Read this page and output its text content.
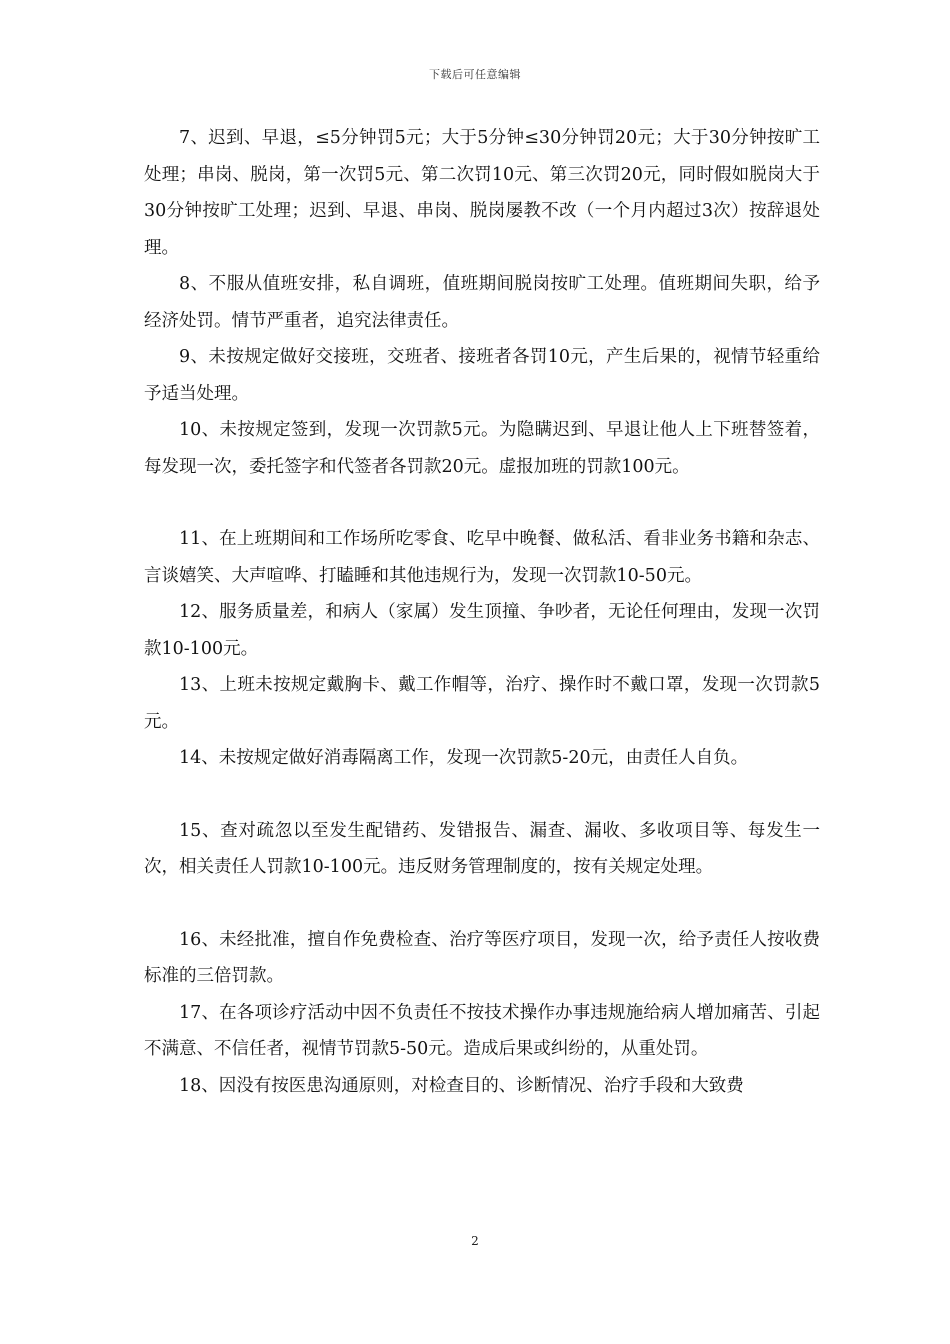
下载后可任意编辑

7、迟到、早退，≤5分钟罚5元；大于5分钟≤30分钟罚20元；大于30分钟按旷工处理；串岗、脱岗，第一次罚5元、第二次罚10元、第三次罚20元，同时假如脱岗大于30分钟按旷工处理；迟到、早退、串岗、脱岗屡教不改（一个月内超过3次）按辞退处理。

8、不服从值班安排，私自调班，值班期间脱岗按旷工处理。值班期间失职，给予经济处罚。情节严重者，追究法律责任。

9、未按规定做好交接班，交班者、接班者各罚10元，产生后果的，视情节轻重给予适当处理。

10、未按规定签到，发现一次罚款5元。为隐瞒迟到、早退让他人上下班替签着，每发现一次，委托签字和代签者各罚款20元。虚报加班的罚款100元。

11、在上班期间和工作场所吃零食、吃早中晚餐、做私活、看非业务书籍和杂志、言谈嬉笑、大声喧哗、打瞌睡和其他违规行为，发现一次罚款10-50元。

12、服务质量差，和病人（家属）发生顶撞、争吵者，无论任何理由，发现一次罚款10-100元。

13、上班未按规定戴胸卡、戴工作帽等，治疗、操作时不戴口罩，发现一次罚款5元。

14、未按规定做好消毒隔离工作，发现一次罚款5-20元，由责任人自负。

15、查对疏忽以至发生配错药、发错报告、漏查、漏收、多收项目等、每发生一次，相关责任人罚款10-100元。违反财务管理制度的，按有关规定处理。

16、未经批准，擅自作免费检查、治疗等医疗项目，发现一次，给予责任人按收费标准的三倍罚款。

17、在各项诊疗活动中因不负责任不按技术操作办事违规施给病人增加痛苦、引起不满意、不信任者，视情节罚款5-50元。造成后果或纠纷的，从重处罚。

18、因没有按医患沟通原则，对检查目的、诊断情况、治疗手段和大致费

2
